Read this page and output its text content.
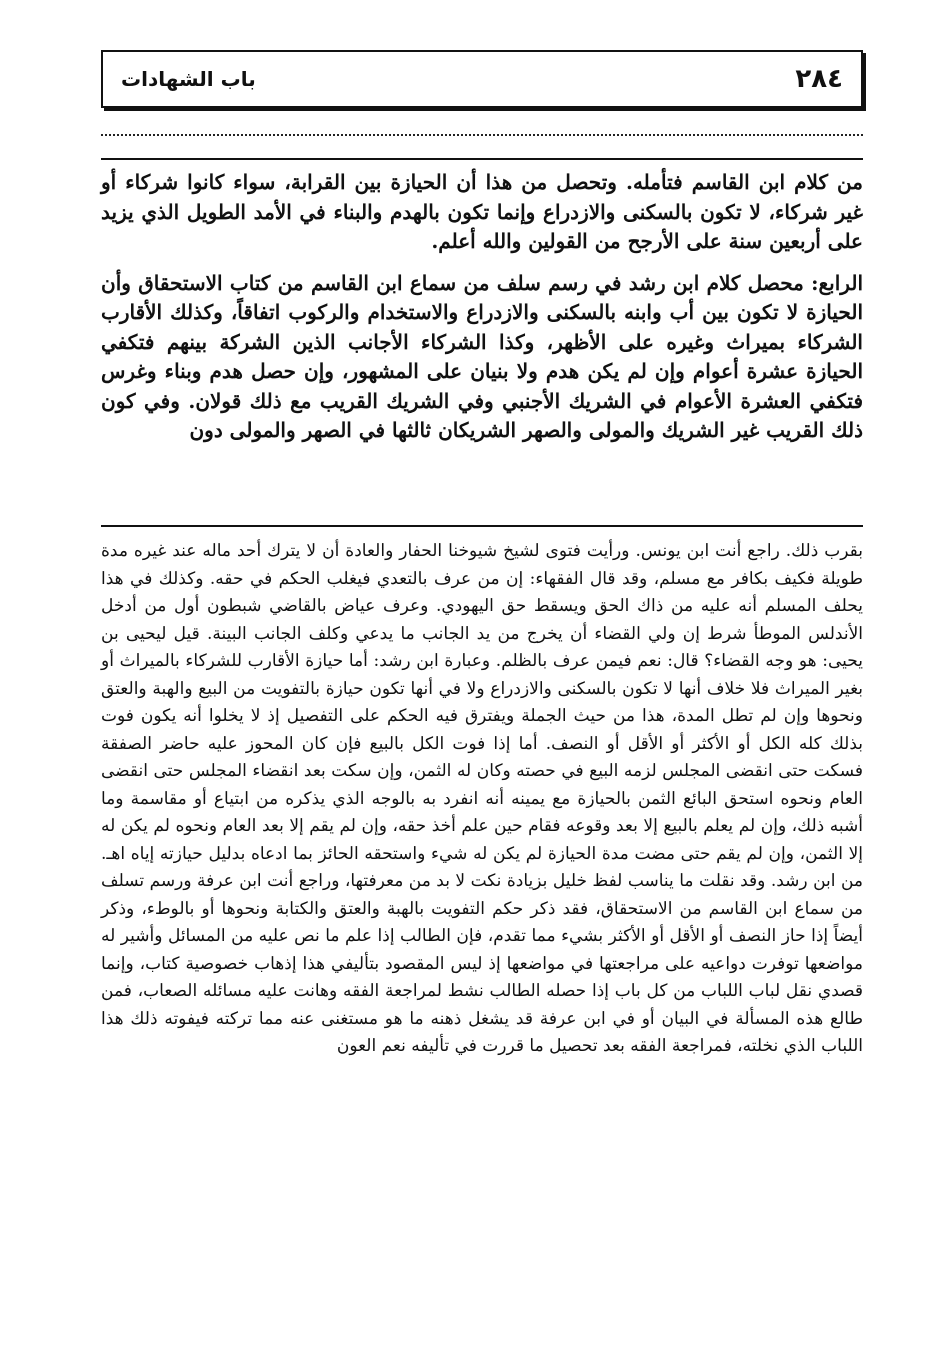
٢٨٤
باب الشهادات

من كلام ابن القاسم فتأمله. وتحصل من هذا أن الحيازة بين القرابة، سواء كانوا شركاء أو غير شركاء، لا تكون بالسكنى والازدراع وإنما تكون بالهدم والبناء في الأمد الطويل الذي يزيد على أربعين سنة على الأرجح من القولين والله أعلم.

الرابع: محصل كلام ابن رشد في رسم سلف من سماع ابن القاسم من كتاب الاستحقاق وأن الحيازة لا تكون بين أب وابنه بالسكنى والازدراع والاستخدام والركوب اتفاقاً، وكذلك الأقارب الشركاء بميراث وغيره على الأظهر، وكذا الشركاء الأجانب الذين الشركة بينهم فتكفي الحيازة عشرة أعوام وإن لم يكن هدم ولا بنيان على المشهور، وإن حصل هدم وبناء وغرس فتكفي العشرة الأعوام في الشريك الأجنبي وفي الشريك القريب مع ذلك قولان. وفي كون ذلك القريب غير الشريك والمولى والصهر الشريكان ثالثها في الصهر والمولى دون

بقرب ذلك. راجع أنت ابن يونس. ورأيت فتوى لشيخ شيوخنا الحفار والعادة أن لا يترك أحد ماله عند غيره مدة طويلة فكيف بكافر مع مسلم، وقد قال الفقهاء: إن من عرف بالتعدي فيغلب الحكم في حقه. وكذلك في هذا يحلف المسلم أنه عليه من ذاك الحق ويسقط حق اليهودي. وعرف عياض بالقاضي شبطون أول من أدخل الأندلس الموطأ شرط إن ولي القضاء أن يخرج من يد الجانب ما يدعي وكلف الجانب البينة. قيل ليحيى بن يحيى: هو وجه القضاء؟ قال: نعم فيمن عرف بالظلم. وعبارة ابن رشد: أما حيازة الأقارب للشركاء بالميراث أو بغير الميراث فلا خلاف أنها لا تكون بالسكنى والازدراع ولا في أنها تكون حيازة بالتفويت من البيع والهبة والعتق ونحوها وإن لم تطل المدة، هذا من حيث الجملة ويفترق فيه الحكم على التفصيل إذ لا يخلوا أنه يكون فوت بذلك كله الكل أو الأكثر أو الأقل أو النصف. أما إذا فوت الكل بالبيع فإن كان المحوز عليه حاضر الصفقة فسكت حتى انقضى المجلس لزمه البيع في حصته وكان له الثمن، وإن سكت بعد انقضاء المجلس حتى انقضى العام ونحوه استحق البائع الثمن بالحيازة مع يمينه أنه انفرد به بالوجه الذي يذكره من ابتياع أو مقاسمة وما أشبه ذلك، وإن لم يعلم بالبيع إلا بعد وقوعه فقام حين علم أخذ حقه، وإن لم يقم إلا بعد العام ونحوه لم يكن له إلا الثمن، وإن لم يقم حتى مضت مدة الحيازة لم يكن له شيء واستحقه الحائز بما ادعاه بدليل حيازته إياه اهـ. من ابن رشد. وقد نقلت ما يناسب لفظ خليل بزيادة نكت لا بد من معرفتها، وراجع أنت ابن عرفة ورسم تسلف من سماع ابن القاسم من الاستحقاق، فقد ذكر حكم التفويت بالهبة والعتق والكتابة ونحوها أو بالوطء، وذكر أيضاً إذا حاز النصف أو الأقل أو الأكثر بشيء مما تقدم، فإن الطالب إذا علم ما نص عليه من المسائل وأشير له مواضعها توفرت دواعيه على مراجعتها في مواضعها إذ ليس المقصود بتأليفي هذا إذهاب خصوصية كتاب، وإنما قصدي نقل لباب اللباب من كل باب إذا حصله الطالب نشط لمراجعة الفقه وهانت عليه مسائله الصعاب، فمن طالع هذه المسألة في البيان أو في ابن عرفة قد يشغل ذهنه ما هو مستغنى عنه مما تركته فيفوته ذلك هذا اللباب الذي نخلته، فمراجعة الفقه بعد تحصيل ما قررت في تأليفه نعم العون
